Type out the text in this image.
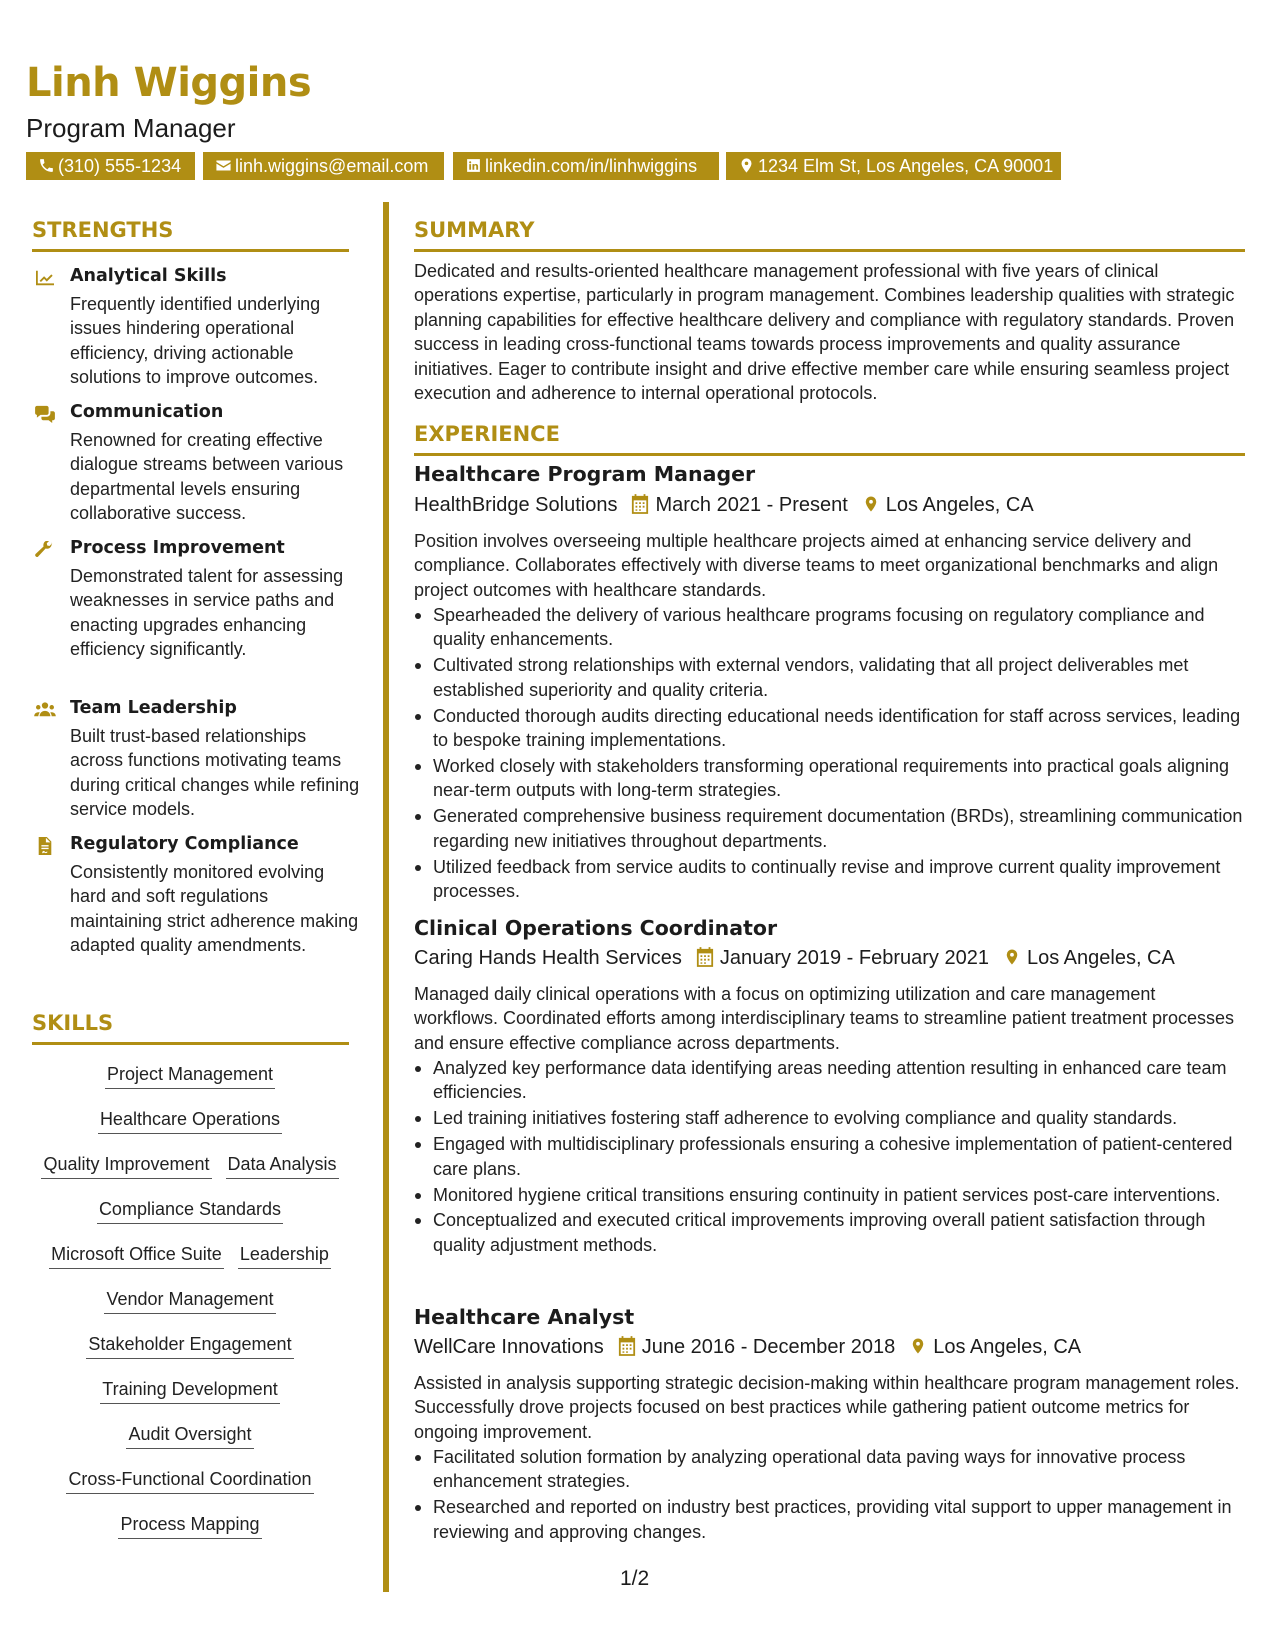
Linh Wiggins
Program Manager
(310) 555-1234	linh.wiggins@email.com	linkedin.com/in/linhwiggins	1234 Elm St, Los Angeles, CA 90001
STRENGTHS
Analytical Skills
Frequently identified underlying issues hindering operational efficiency, driving actionable solutions to improve outcomes.
Communication
Renowned for creating effective dialogue streams between various departmental levels ensuring collaborative success.
Process Improvement
Demonstrated talent for assessing weaknesses in service paths and enacting upgrades enhancing efficiency significantly.
Team Leadership
Built trust-based relationships across functions motivating teams during critical changes while refining service models.
Regulatory Compliance
Consistently monitored evolving hard and soft regulations maintaining strict adherence making adapted quality amendments.
SKILLS
Project Management
Healthcare Operations
Quality Improvement Data Analysis
Compliance Standards
Microsoft Office Suite Leadership
Vendor Management
Stakeholder Engagement
Training Development
Audit Oversight
Cross-Functional Coordination
Process Mapping
SUMMARY

Dedicated and results-oriented healthcare management professional with five years of clinical operations expertise, particularly in program management. Combines leadership qualities with strategic planning capabilities for effective healthcare delivery and compliance with regulatory standards. Proven success in leading cross-functional teams towards process improvements and quality assurance initiatives. Eager to contribute insight and drive effective member care while ensuring seamless project execution and adherence to internal operational protocols.

EXPERIENCE
Healthcare Program Manager
HealthBridge Solutions March 2021 - Present Los Angeles, CA

Position involves overseeing multiple healthcare projects aimed at enhancing service delivery and compliance. Collaborates effectively with diverse teams to meet organizational benchmarks and align project outcomes with healthcare standards.

Spearheaded the delivery of various healthcare programs focusing on regulatory compliance and quality enhancements.
Cultivated strong relationships with external vendors, validating that all project deliverables met established superiority and quality criteria.
Conducted thorough audits directing educational needs identification for staff across services, leading to bespoke training implementations.
Worked closely with stakeholders transforming operational requirements into practical goals aligning near-term outputs with long-term strategies.
Generated comprehensive business requirement documentation (BRDs), streamlining communication regarding new initiatives throughout departments.
Utilized feedback from service audits to continually revise and improve current quality improvement processes.
Clinical Operations Coordinator
Caring Hands Health Services January 2019 - February 2021 Los Angeles, CA

Managed daily clinical operations with a focus on optimizing utilization and care management workflows. Coordinated efforts among interdisciplinary teams to streamline patient treatment processes and ensure effective compliance across departments.

Analyzed key performance data identifying areas needing attention resulting in enhanced care team efficiencies.
Led training initiatives fostering staff adherence to evolving compliance and quality standards.
Engaged with multidisciplinary professionals ensuring a cohesive implementation of patient-centered care plans.
Monitored hygiene critical transitions ensuring continuity in patient services post-care interventions.
Conceptualized and executed critical improvements improving overall patient satisfaction through quality adjustment methods.
Healthcare Analyst
WellCare Innovations June 2016 - December 2018 Los Angeles, CA

Assisted in analysis supporting strategic decision-making within healthcare program management roles. Successfully drove projects focused on best practices while gathering patient outcome metrics for ongoing improvement.

Facilitated solution formation by analyzing operational data paving ways for innovative process enhancement strategies.
Researched and reported on industry best practices, providing vital support to upper management in reviewing and approving changes.
1/2
